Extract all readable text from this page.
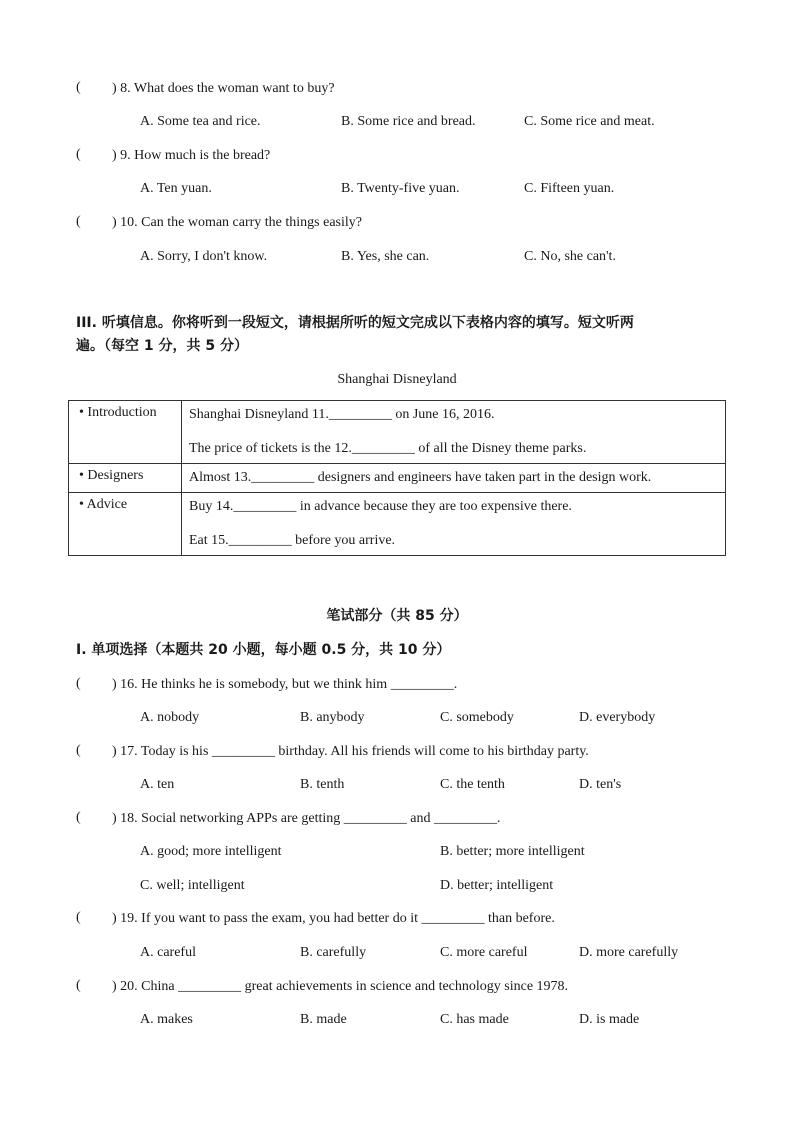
( ) 8. What does the woman want to buy?
A. Some tea and rice.	B. Some rice and bread.	C. Some rice and meat.
( ) 9. How much is the bread?
A. Ten yuan.	B. Twenty-five yuan.	C. Fifteen yuan.
( ) 10. Can the woman carry the things easily?
A. Sorry, I don't know.	B. Yes, she can.	C. No, she can't.
III. 听填信息。你将听到一段短文，请根据所听的短文完成以下表格内容的填写。短文听两
遍。（每空 1 分，共 5 分）
Shanghai Disneyland
• Introduction	Shanghai Disneyland 11._________ on June 16, 2016.
The price of tickets is the 12._________ of all the Disney theme parks.

• Designers	Almost 13._________ designers and engineers have taken part in the design work.

• Advice	Buy 14._________ in advance because they are too expensive there.
Eat 15._________ before you arrive.
笔试部分（共 85 分）
I. 单项选择（本题共 20 小题，每小题 0.5 分，共 10 分）
( ) 16. He thinks he is somebody, but we think him _________.
A. nobody	B. anybody	C. somebody	D. everybody
( ) 17. Today is his _________ birthday. All his friends will come to his birthday party.
A. ten	B. tenth	C. the tenth	D. ten's
( ) 18. Social networking APPs are getting _________ and _________.
A. good; more intelligent	B. better; more intelligent
C. well; intelligent	D. better; intelligent
( ) 19. If you want to pass the exam, you had better do it _________ than before.
A. careful	B. carefully	C. more careful	D. more carefully
( ) 20. China _________ great achievements in science and technology since 1978.
A. makes	B. made	C. has made	D. is made
